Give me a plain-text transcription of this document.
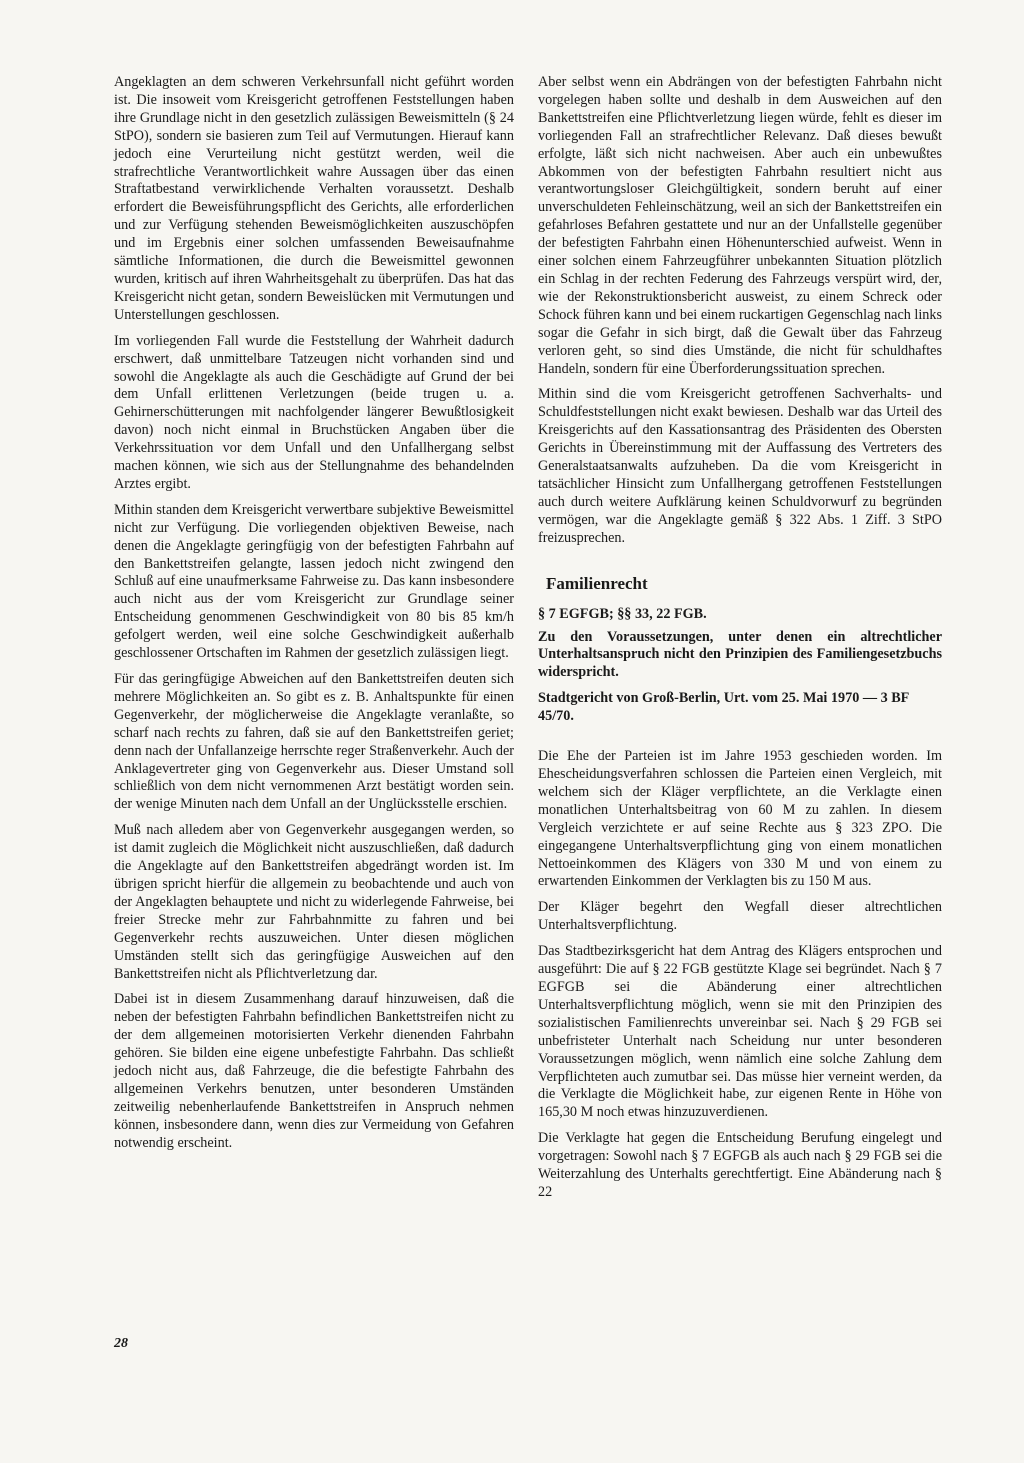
Angeklagten an dem schweren Verkehrsunfall nicht geführt worden ist. Die insoweit vom Kreisgericht getroffenen Feststellungen haben ihre Grundlage nicht in den gesetzlich zulässigen Beweismitteln (§ 24 StPO), sondern sie basieren zum Teil auf Vermutungen. Hierauf kann jedoch eine Verurteilung nicht gestützt werden, weil die strafrechtliche Verantwortlichkeit wahre Aussagen über das einen Straftatbestand verwirklichende Verhalten voraussetzt. Deshalb erfordert die Beweisführungspflicht des Gerichts, alle erforderlichen und zur Verfügung stehenden Beweismöglichkeiten auszuschöpfen und im Ergebnis einer solchen umfassenden Beweisaufnahme sämtliche Informationen, die durch die Beweismittel gewonnen wurden, kritisch auf ihren Wahrheitsgehalt zu überprüfen. Das hat das Kreisgericht nicht getan, sondern Beweislücken mit Vermutungen und Unterstellungen geschlossen.

Im vorliegenden Fall wurde die Feststellung der Wahrheit dadurch erschwert, daß unmittelbare Tatzeugen nicht vorhanden sind und sowohl die Angeklagte als auch die Geschädigte auf Grund der bei dem Unfall erlittenen Verletzungen (beide trugen u. a. Gehirnerschütterungen mit nachfolgender längerer Bewußtlosigkeit davon) noch nicht einmal in Bruchstücken Angaben über die Verkehrssituation vor dem Unfall und den Unfallhergang selbst machen können, wie sich aus der Stellungnahme des behandelnden Arztes ergibt.

Mithin standen dem Kreisgericht verwertbare subjektive Beweismittel nicht zur Verfügung. Die vorliegenden objektiven Beweise, nach denen die Angeklagte geringfügig von der befestigten Fahrbahn auf den Bankettstreifen gelangte, lassen jedoch nicht zwingend den Schluß auf eine unaufmerksame Fahrweise zu. Das kann insbesondere auch nicht aus der vom Kreisgericht zur Grundlage seiner Entscheidung genommenen Geschwindigkeit von 80 bis 85 km/h gefolgert werden, weil eine solche Geschwindigkeit außerhalb geschlossener Ortschaften im Rahmen der gesetzlich zulässigen liegt.

Für das geringfügige Abweichen auf den Bankettstreifen deuten sich mehrere Möglichkeiten an. So gibt es z. B. Anhaltspunkte für einen Gegenverkehr, der möglicherweise die Angeklagte veranlaßte, so scharf nach rechts zu fahren, daß sie auf den Bankettstreifen geriet; denn nach der Unfallanzeige herrschte reger Straßenverkehr. Auch der Anklagevertreter ging von Gegenverkehr aus. Dieser Umstand soll schließlich von dem nicht vernommenen Arzt bestätigt worden sein. der wenige Minuten nach dem Unfall an der Unglücksstelle erschien.

Muß nach alledem aber von Gegenverkehr ausgegangen werden, so ist damit zugleich die Möglichkeit nicht auszuschließen, daß dadurch die Angeklagte auf den Bankettstreifen abgedrängt worden ist. Im übrigen spricht hierfür die allgemein zu beobachtende und auch von der Angeklagten behauptete und nicht zu widerlegende Fahrweise, bei freier Strecke mehr zur Fahrbahnmitte zu fahren und bei Gegenverkehr rechts auszuweichen. Unter diesen möglichen Umständen stellt sich das geringfügige Ausweichen auf den Bankettstreifen nicht als Pflichtverletzung dar.

Dabei ist in diesem Zusammenhang darauf hinzuweisen, daß die neben der befestigten Fahrbahn befindlichen Bankettstreifen nicht zu der dem allgemeinen motorisierten Verkehr dienenden Fahrbahn gehören. Sie bilden eine eigene unbefestigte Fahrbahn. Das schließt jedoch nicht aus, daß Fahrzeuge, die die befestigte Fahrbahn des allgemeinen Verkehrs benutzen, unter besonderen Umständen zeitweilig nebenherlaufende Bankettstreifen in Anspruch nehmen können, insbesondere dann, wenn dies zur Vermeidung von Gefahren notwendig erscheint.

Aber selbst wenn ein Abdrängen von der befestigten Fahrbahn nicht vorgelegen haben sollte und deshalb in dem Ausweichen auf den Bankettstreifen eine Pflichtverletzung liegen würde, fehlt es dieser im vorliegenden Fall an strafrechtlicher Relevanz. Daß dieses bewußt erfolgte, läßt sich nicht nachweisen. Aber auch ein unbewußtes Abkommen von der befestigten Fahrbahn resultiert nicht aus verantwortungsloser Gleichgültigkeit, sondern beruht auf einer unverschuldeten Fehleinschätzung, weil an sich der Bankettstreifen ein gefahrloses Befahren gestattete und nur an der Unfallstelle gegenüber der befestigten Fahrbahn einen Höhenunterschied aufweist. Wenn in einer solchen einem Fahrzeugführer unbekannten Situation plötzlich ein Schlag in der rechten Federung des Fahrzeugs verspürt wird, der, wie der Rekonstruktionsbericht ausweist, zu einem Schreck oder Schock führen kann und bei einem ruckartigen Gegenschlag nach links sogar die Gefahr in sich birgt, daß die Gewalt über das Fahrzeug verloren geht, so sind dies Umstände, die nicht für schuldhaftes Handeln, sondern für eine Überforderungssituation sprechen.

Mithin sind die vom Kreisgericht getroffenen Sachverhalts- und Schuldfeststellungen nicht exakt bewiesen. Deshalb war das Urteil des Kreisgerichts auf den Kassationsantrag des Präsidenten des Obersten Gerichts in Übereinstimmung mit der Auffassung des Vertreters des Generalstaatsanwalts aufzuheben. Da die vom Kreisgericht in tatsächlicher Hinsicht zum Unfallhergang getroffenen Feststellungen auch durch weitere Aufklärung keinen Schuldvorwurf zu begründen vermögen, war die Angeklagte gemäß § 322 Abs. 1 Ziff. 3 StPO freizusprechen.

Familienrecht
§ 7 EGFGB; §§ 33, 22 FGB.
Zu den Voraussetzungen, unter denen ein altrechtlicher Unterhaltsanspruch nicht den Prinzipien des Familiengesetzbuchs widerspricht.
Stadtgericht von Groß-Berlin, Urt. vom 25. Mai 1970 — 3 BF 45/70.

Die Ehe der Parteien ist im Jahre 1953 geschieden worden. Im Ehescheidungsverfahren schlossen die Parteien einen Vergleich, mit welchem sich der Kläger verpflichtete, an die Verklagte einen monatlichen Unterhaltsbeitrag von 60 M zu zahlen. In diesem Vergleich verzichtete er auf seine Rechte aus § 323 ZPO. Die eingegangene Unterhaltsverpflichtung ging von einem monatlichen Nettoeinkommen des Klägers von 330 M und von einem zu erwartenden Einkommen der Verklagten bis zu 150 M aus.

Der Kläger begehrt den Wegfall dieser altrechtlichen Unterhaltsverpflichtung.

Das Stadtbezirksgericht hat dem Antrag des Klägers entsprochen und ausgeführt: Die auf § 22 FGB gestützte Klage sei begründet. Nach § 7 EGFGB sei die Abänderung einer altrechtlichen Unterhaltsverpflichtung möglich, wenn sie mit den Prinzipien des sozialistischen Familienrechts unvereinbar sei. Nach § 29 FGB sei unbefristeter Unterhalt nach Scheidung nur unter besonderen Voraussetzungen möglich, wenn nämlich eine solche Zahlung dem Verpflichteten auch zumutbar sei. Das müsse hier verneint werden, da die Verklagte die Möglichkeit habe, zur eigenen Rente in Höhe von 165,30 M noch etwas hinzuzuverdienen.

Die Verklagte hat gegen die Entscheidung Berufung eingelegt und vorgetragen: Sowohl nach § 7 EGFGB als auch nach § 29 FGB sei die Weiterzahlung des Unterhalts gerechtfertigt. Eine Abänderung nach § 22

28
